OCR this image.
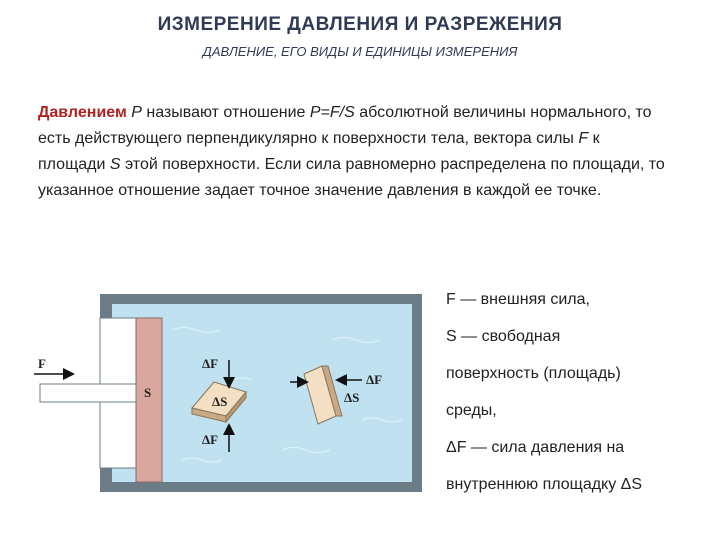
ИЗМЕРЕНИЕ ДАВЛЕНИЯ И РАЗРЕЖЕНИЯ
ДАВЛЕНИЕ, ЕГО ВИДЫ И ЕДИНИЦЫ ИЗМЕРЕНИЯ
Давлением P называют отношение P=F/S абсолютной величины нормального, то есть действующего перпендикулярно к поверхности тела, вектора силы F к площади S этой поверхности. Если сила равномерно распределена по площади, то указанное отношение задает точное значение давления в каждой ее точке.
S
F
ΔS
ΔF
ΔF
ΔS
ΔF
F — внешняя сила,
S — свободная
поверхность (площадь)
среды,
ΔF — сила давления на
внутреннюю площадку ΔS
